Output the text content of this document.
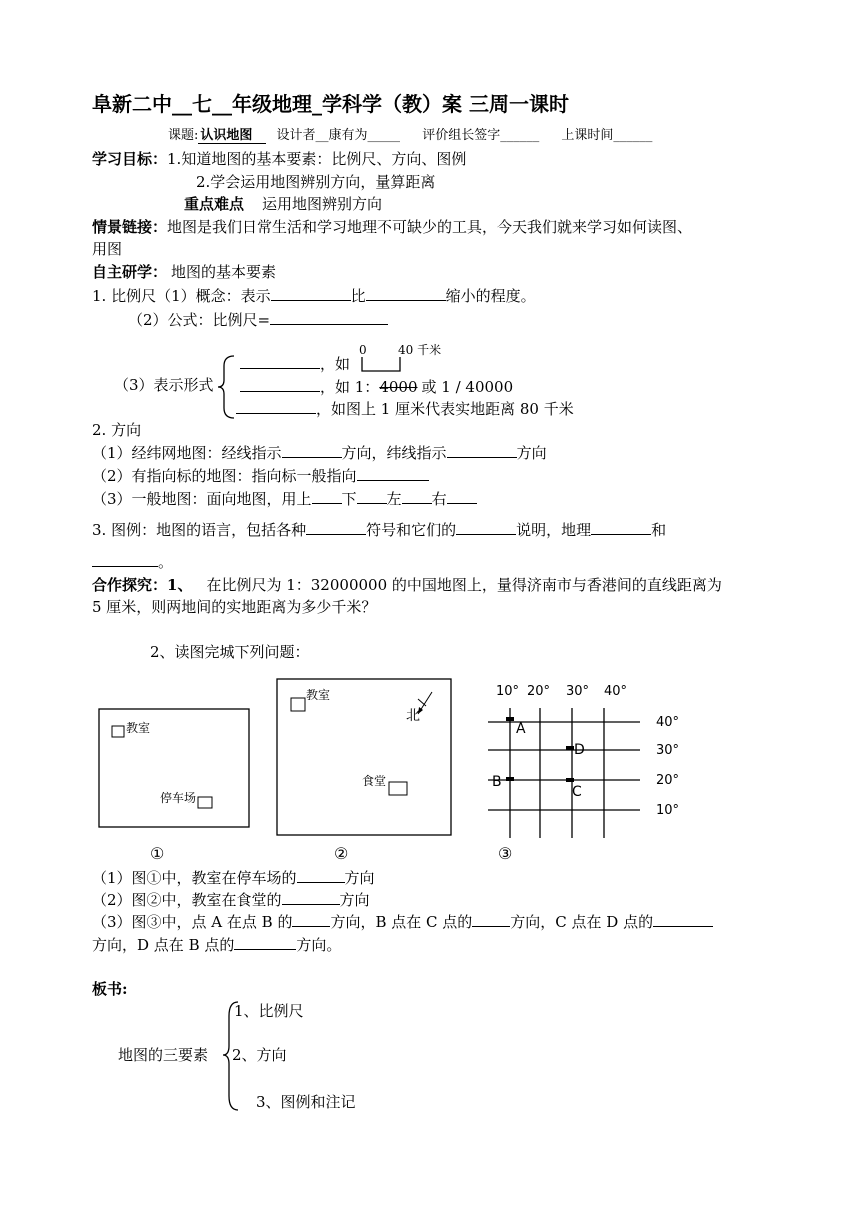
阜新二中__七__年级地理_学科学（教）案 三周一课时
课题: 认识地图 设计者__康有为_____ 评价组长签字______ 上课时间______
学习目标：1.知道地图的基本要素：比例尺、方向、图例
2.学会运用地图辨别方向，量算距离
重点难点 运用地图辨别方向
情景链接：地图是我们日常生活和学习地理不可缺少的工具，今天我们就来学习如何读图、
用图
自主研学： 地图的基本要素
1. 比例尺（1）概念：表示	比	缩小的程度。
（2）公式：比例尺=
（3）表示形式
，如
0	40 千米
，如 1：4000 或 1 / 40000
，如图上 1 厘米代表实地距离 80 千米
2. 方向
（1）经纬网地图：经线指示	方向，纬线指示	方向
（2）有指向标的地图：指向标一般指向
（3）一般地图：面向地图，用上 下 左 右
3. 图例：地图的语言，包括各种	符号和它们的	说明，地理	和
。
合作探究：1、 在比例尺为 1：32000000 的中国地图上，量得济南市与香港间的直线距离为
5 厘米，则两地间的实地距离为多少千米？
2、读图完城下列问题：
教室
停车场
教室
北
食堂
10° 20° 30° 40°
40°
30°
20°
10°
A
B
C
D
①	②	③
（1）图①中，教室在停车场的	方向
（2）图②中，教室在食堂的	方向
（3）图③中，点 A 在点 B 的	方向，B 点在 C 点的	方向，C 点在 D 点的
方向，D 点在 B 点的	方向。
板书:
地图的三要素
1、比例尺
2、方向
3、图例和注记
